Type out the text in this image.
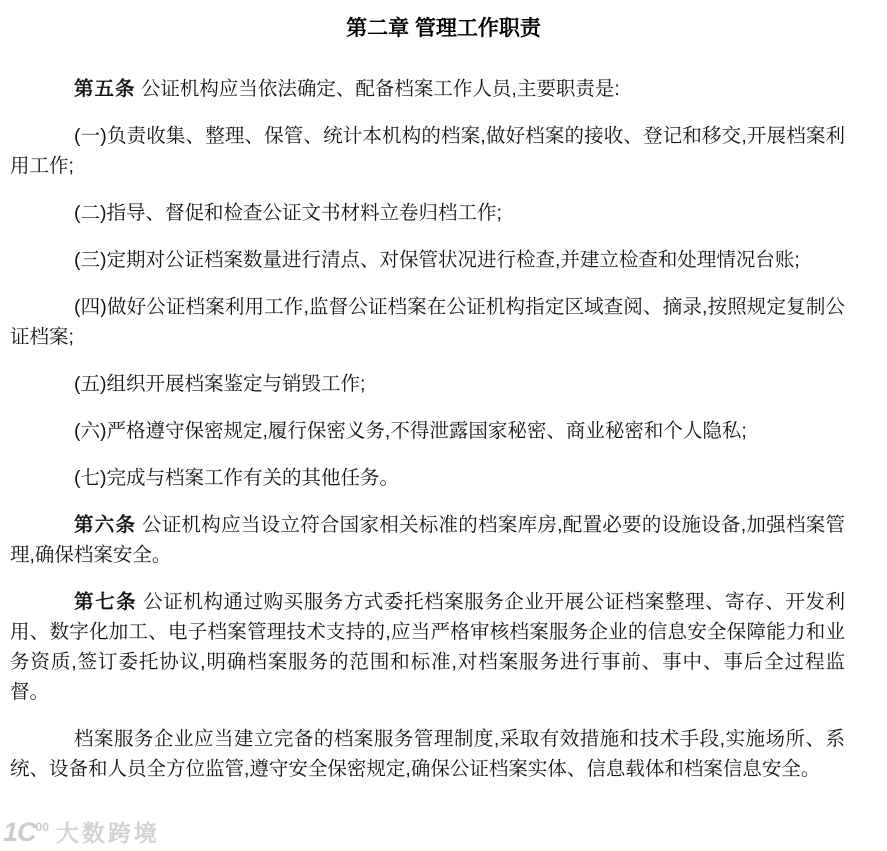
第二章 管理工作职责

第五条 公证机构应当依法确定、配备档案工作人员,主要职责是:

(一)负责收集、整理、保管、统计本机构的档案,做好档案的接收、登记和移交,开展档案利用工作;

(二)指导、督促和检查公证文书材料立卷归档工作;

(三)定期对公证档案数量进行清点、对保管状况进行检查,并建立检查和处理情况台账;

(四)做好公证档案利用工作,监督公证档案在公证机构指定区域查阅、摘录,按照规定复制公证档案;

(五)组织开展档案鉴定与销毁工作;

(六)严格遵守保密规定,履行保密义务,不得泄露国家秘密、商业秘密和个人隐私;

(七)完成与档案工作有关的其他任务。

第六条 公证机构应当设立符合国家相关标准的档案库房,配置必要的设施设备,加强档案管理,确保档案安全。

第七条 公证机构通过购买服务方式委托档案服务企业开展公证档案整理、寄存、开发利用、数字化加工、电子档案管理技术支持的,应当严格审核档案服务企业的信息安全保障能力和业务资质,签订委托协议,明确档案服务的范围和标准,对档案服务进行事前、事中、事后全过程监督。

档案服务企业应当建立完备的档案服务管理制度,采取有效措施和技术手段,实施场所、系统、设备和人员全方位监管,遵守安全保密规定,确保公证档案实体、信息载体和档案信息安全。

$1C^{00}$ 大数跨境
